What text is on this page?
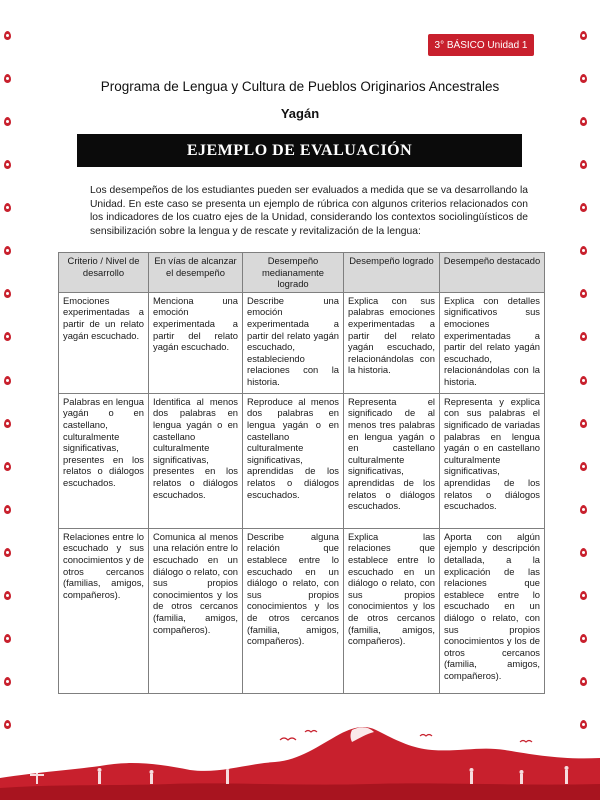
3° BÁSICO Unidad 1
Programa de Lengua y Cultura de Pueblos Originarios Ancestrales
Yagán
EJEMPLO DE EVALUACIÓN

Los desempeños de los estudiantes pueden ser evaluados a medida que se va desarrollando la Unidad. En este caso se presenta un ejemplo de rúbrica con algunos criterios relacionados con los indicadores de los cuatro ejes de la Unidad, considerando los contextos sociolingüísticos de sensibilización sobre la lengua y de rescate y revitalización de la lengua:

Criterio / Nivel de desarrollo	En vías de alcanzar el desempeño	Desempeño medianamente logrado	Desempeño logrado	Desempeño destacado
Emociones experimentadas a partir de un relato yagán escuchado.	Menciona una emoción experimentada a partir del relato yagán escuchado.	Describe una emoción experimentada a partir del relato yagán escuchado, estableciendo relaciones con la historia.	Explica con sus palabras emociones experimentadas a partir del relato yagán escuchado, relacionándolas con la historia.	Explica con detalles significativos sus emociones experimentadas a partir del relato yagán escuchado, relacionándolas con la historia.
Palabras en lengua yagán o en castellano, culturalmente significativas, presentes en los relatos o diálogos escuchados.	Identifica al menos dos palabras en lengua yagán o en castellano culturalmente significativas, presentes en los relatos o diálogos escuchados.	Reproduce al menos dos palabras en lengua yagán o en castellano culturalmente significativas, aprendidas de los relatos o diálogos escuchados.	Representa el significado de al menos tres palabras en lengua yagán o en castellano culturalmente significativas, aprendidas de los relatos o diálogos escuchados.	Representa y explica con sus palabras el significado de variadas palabras en lengua yagán o en castellano culturalmente significativas, aprendidas de los relatos o diálogos escuchados.
Relaciones entre lo escuchado y sus conocimientos y de otros cercanos (familias, amigos, compañeros).	Comunica al menos una relación entre lo escuchado en un diálogo o relato, con sus propios conocimientos y los de otros cercanos (familia, amigos, compañeros).	Describe alguna relación que establece entre lo escuchado en un diálogo o relato, con sus propios conocimientos y los de otros cercanos (familia, amigos, compañeros).	Explica las relaciones que establece entre lo escuchado en un diálogo o relato, con sus propios conocimientos y los de otros cercanos (familia, amigos, compañeros).	Aporta con algún ejemplo y descripción detallada, a la explicación de las relaciones que establece entre lo escuchado en un diálogo o relato, con sus propios conocimientos y los de otros cercanos (familia, amigos, compañeros).
